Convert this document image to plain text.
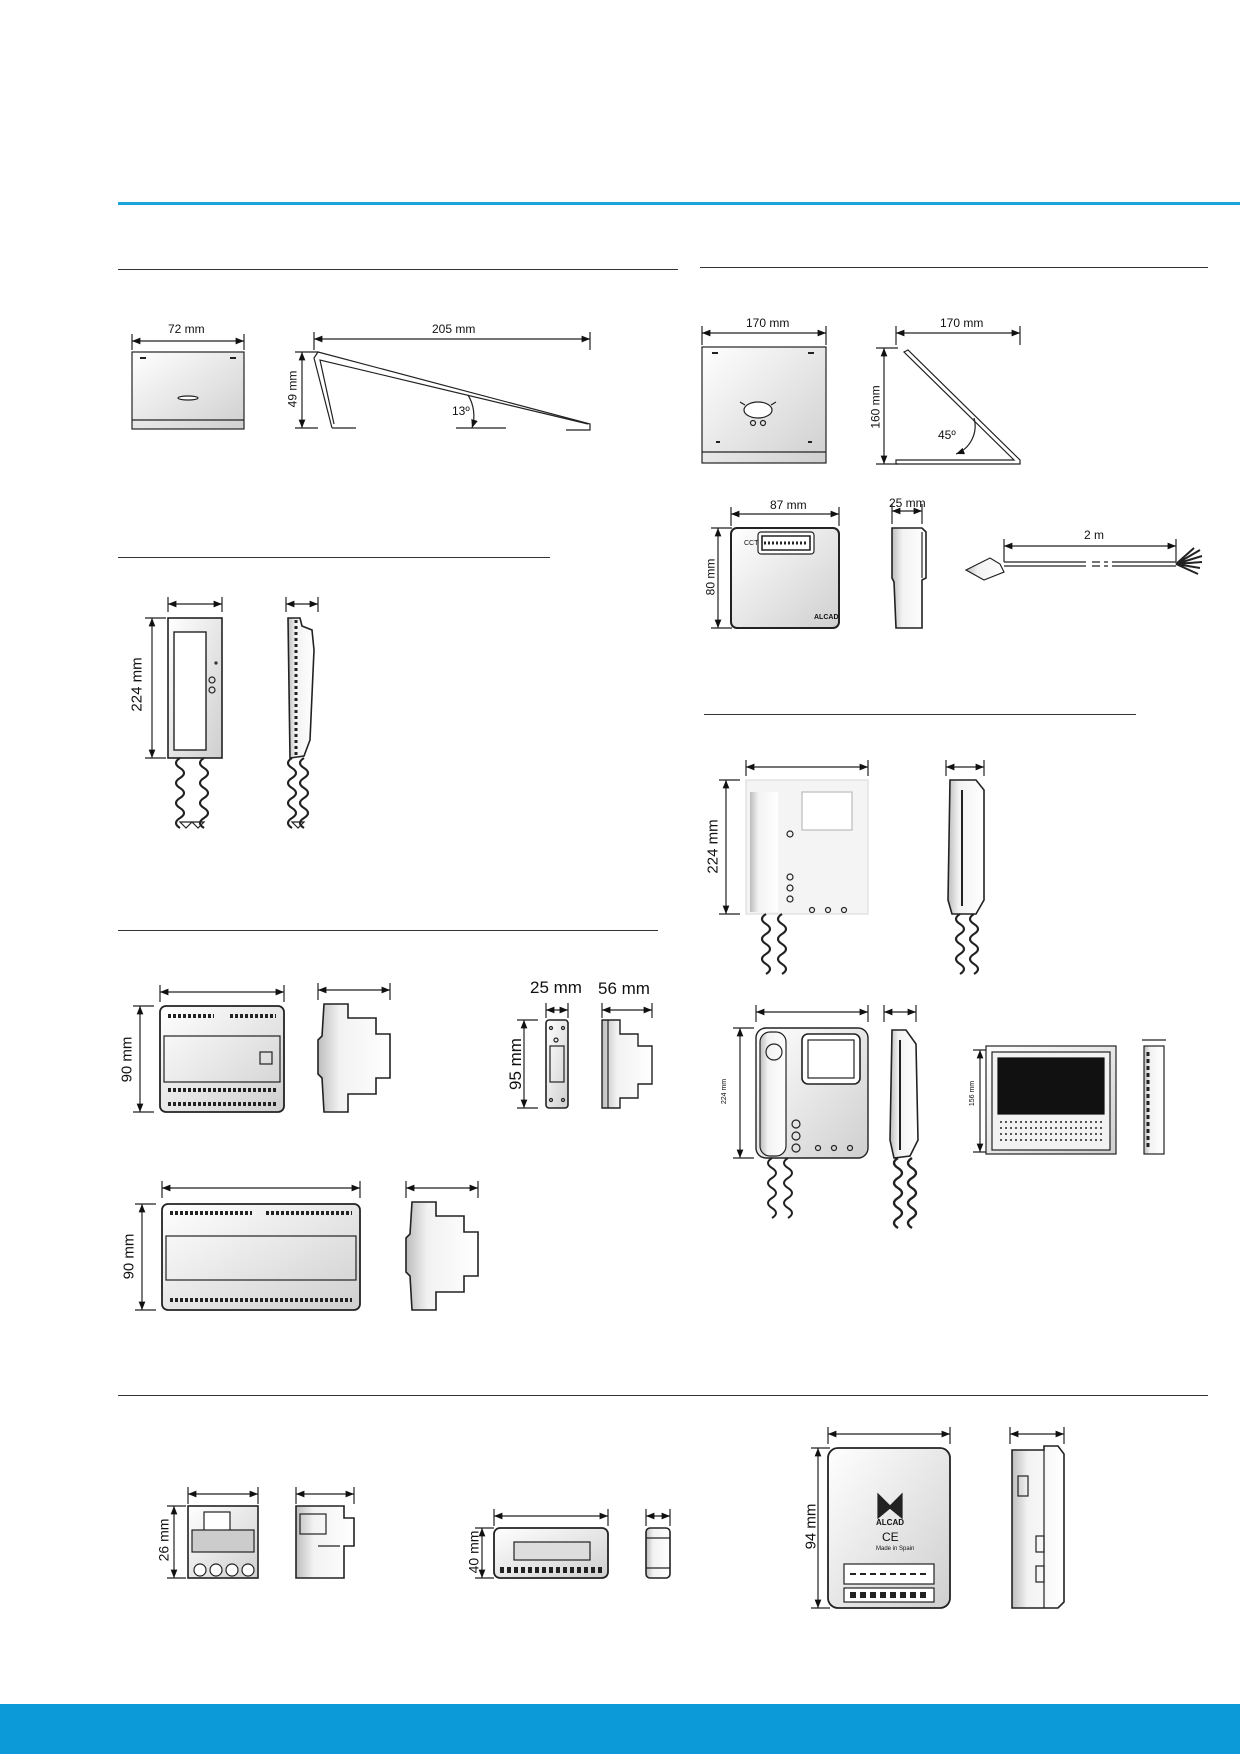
72 mm	205 mm
49 mm
13º
170 mm	170 mm
160 mm
45º
87 mm	25 mm
80 mm
CCT
ALCAD
2 m
224 mm
90 mm
25 mm 56 mm
95 mm
90 mm
224 mm
224 mm	156 mm
26 mm	40 mm
94 mm	ALCAD
CE
Made in Spain
